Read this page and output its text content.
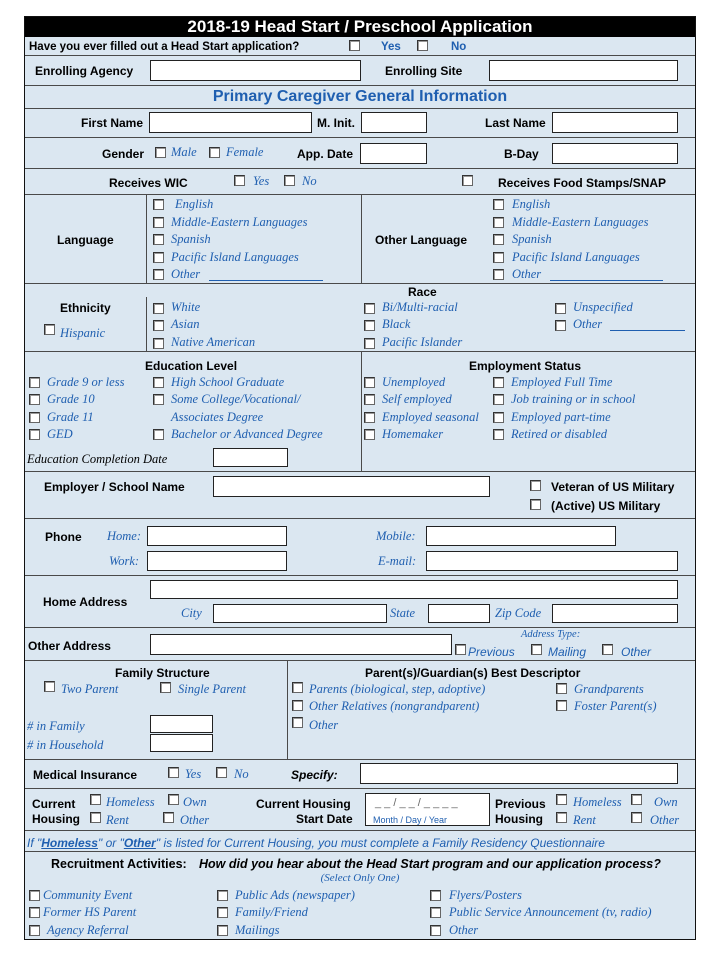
2018-19 Head Start / Preschool Application
Have you ever filled out a Head Start application?	Yes	No
Enrolling Agency	Enrolling Site
Primary Caregiver General Information
First Name	M. Init.	Last Name
Gender Male Female	App. Date	B-Day
Receives WIC	Yes	No	Receives Food Stamps/SNAP
Language
English
Middle-Eastern Languages
Spanish
Pacific Island Languages
Other
Other Language
English
Middle-Eastern Languages
Spanish
Pacific Island Languages
Other
Race
Ethnicity
Hispanic
White
Asian
Native American
Bi/Multi-racial
Black
Pacific Islander
Unspecified
Other
Education Level
Grade 9 or less
Grade 10
Grade 11
GED
High School Graduate
Some College/Vocational/
Associates Degree
Bachelor or Advanced Degree
Employment Status
Unemployed
Self employed
Employed seasonal
Homemaker
Employed Full Time
Job training or in school
Employed part-time
Retired or disabled
Education Completion Date
Employer / School Name	Veteran of US Military
(Active) US Military
Phone Home:	Mobile:
Work:	E-mail:
Home Address
City	State	Zip Code
Other Address
Address Type:
Previous	Mailing	Other
Family Structure
Two Parent	Single Parent
# in Family
# in Household
Parent(s)/Guardian(s) Best Descriptor
Parents (biological, step, adoptive)	Grandparents
Other Relatives (nongrandparent)	Foster Parent(s)
Other
Medical Insurance	Yes	No	Specify:
Current
Housing
Homeless Own
Rent	Other
Current Housing
Start Date
_ _ / _ _ / _ _ _ _
Month / Day / Year
Previous
Housing
Homeless	Own
Rent	Other
If "Homeless" or "Other" is listed for Current Housing, you must complete a Family Residency Questionnaire
Recruitment Activities: How did you hear about the Head Start program and our application process?
(Select Only One)
Community Event
Former HS Parent
Agency Referral
Public Ads (newspaper)
Family/Friend
Mailings
Flyers/Posters
Public Service Announcement (tv, radio)
Other
